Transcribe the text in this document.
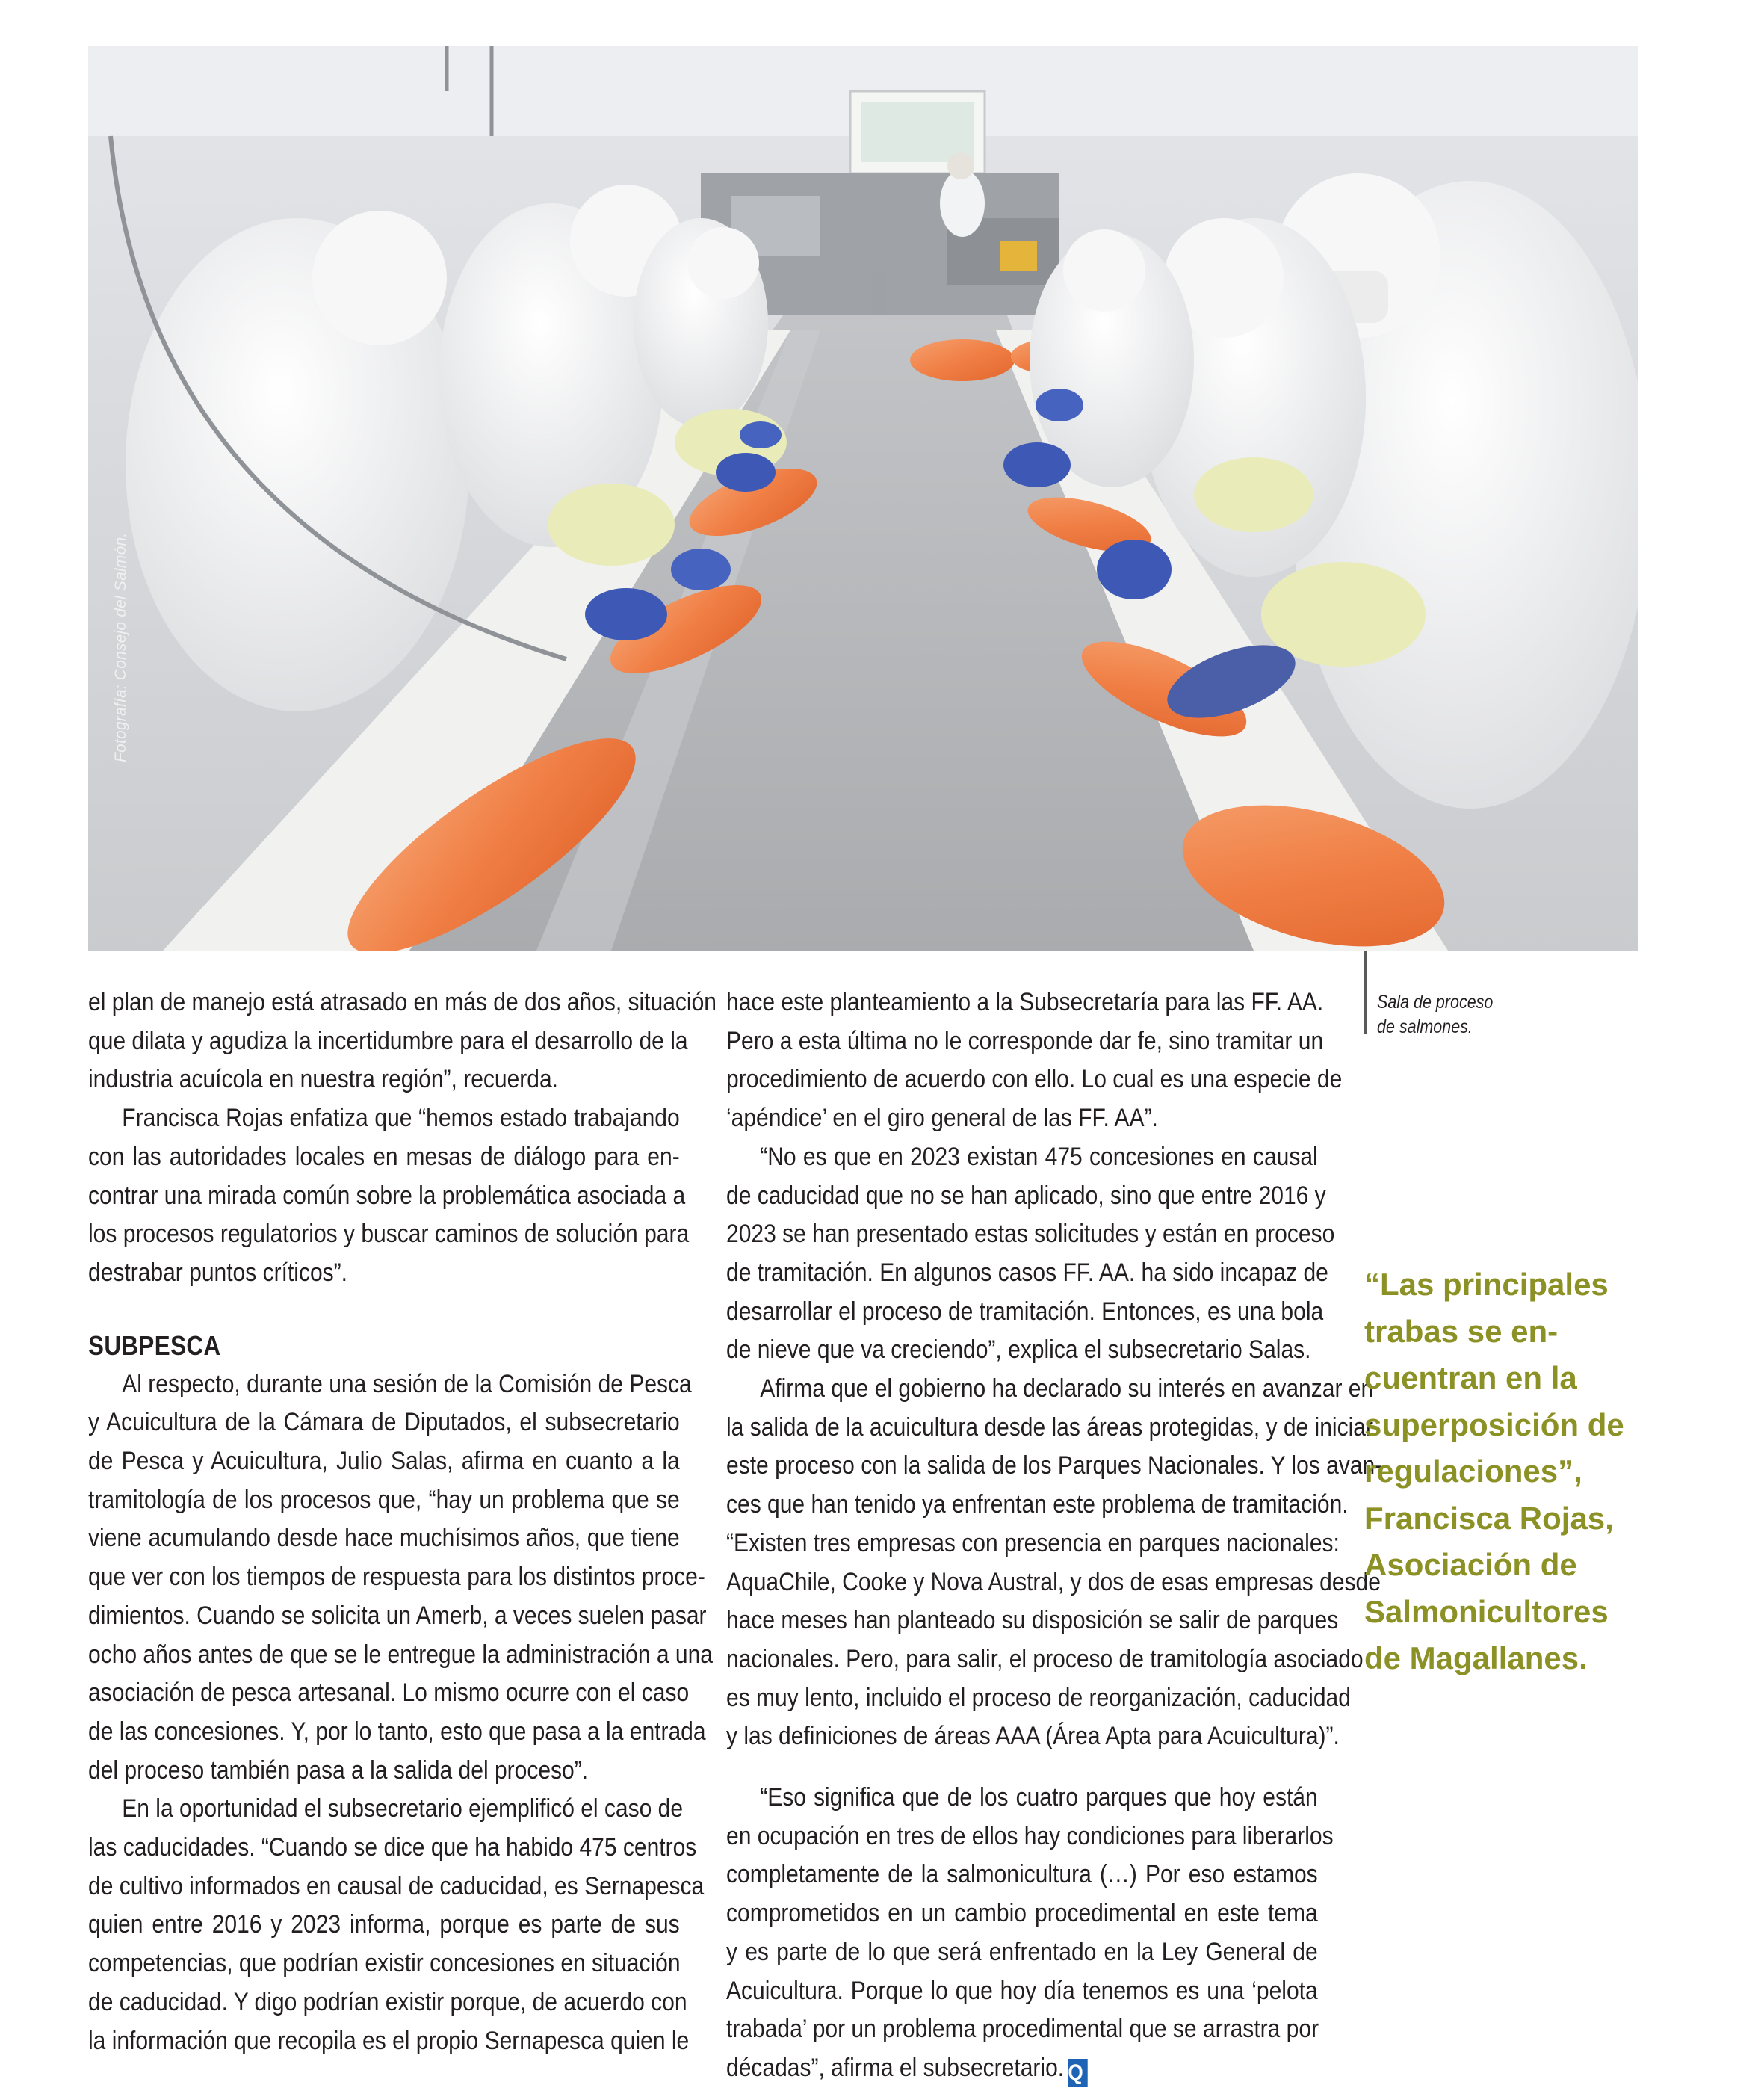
Fotografía: Consejo del Salmón.
Sala de proceso
de salmones.
el plan de manejo está atrasado en más de dos años, situación
que dilata y agudiza la incertidumbre para el desarrollo de la
industria acuícola en nuestra región”, recuerda.
Francisca Rojas enfatiza que “hemos estado trabajando
con las autoridades locales en mesas de diálogo para en-
contrar una mirada común sobre la problemática asociada a
los procesos regulatorios y buscar caminos de solución para
destrabar puntos críticos”.
SUBPESCA
Al respecto, durante una sesión de la Comisión de Pesca
y Acuicultura de la Cámara de Diputados, el subsecretario
de Pesca y Acuicultura, Julio Salas, afirma en cuanto a la
tramitología de los procesos que, “hay un problema que se
viene acumulando desde hace muchísimos años, que tiene
que ver con los tiempos de respuesta para los distintos proce-
dimientos. Cuando se solicita un Amerb, a veces suelen pasar
ocho años antes de que se le entregue la administración a una
asociación de pesca artesanal. Lo mismo ocurre con el caso
de las concesiones. Y, por lo tanto, esto que pasa a la entrada
del proceso también pasa a la salida del proceso”.
En la oportunidad el subsecretario ejemplificó el caso de
las caducidades. “Cuando se dice que ha habido 475 centros
de cultivo informados en causal de caducidad, es Sernapesca
quien entre 2016 y 2023 informa, porque es parte de sus
competencias, que podrían existir concesiones en situación
de caducidad. Y digo podrían existir porque, de acuerdo con
la información que recopila es el propio Sernapesca quien le
hace este planteamiento a la Subsecretaría para las FF. AA.
Pero a esta última no le corresponde dar fe, sino tramitar un
procedimiento de acuerdo con ello. Lo cual es una especie de
‘apéndice’ en el giro general de las FF. AA”.
“No es que en 2023 existan 475 concesiones en causal
de caducidad que no se han aplicado, sino que entre 2016 y
2023 se han presentado estas solicitudes y están en proceso
de tramitación. En algunos casos FF. AA. ha sido incapaz de
desarrollar el proceso de tramitación. Entonces, es una bola
de nieve que va creciendo”, explica el subsecretario Salas.
Afirma que el gobierno ha declarado su interés en avanzar en
la salida de la acuicultura desde las áreas protegidas, y de iniciar
este proceso con la salida de los Parques Nacionales. Y los avan-
ces que han tenido ya enfrentan este problema de tramitación.
“Existen tres empresas con presencia en parques nacionales:
AquaChile, Cooke y Nova Austral, y dos de esas empresas desde
hace meses han planteado su disposición se salir de parques
nacionales. Pero, para salir, el proceso de tramitología asociado
es muy lento, incluido el proceso de reorganización, caducidad
y las definiciones de áreas AAA (Área Apta para Acuicultura)”.
“Eso significa que de los cuatro parques que hoy están
en ocupación en tres de ellos hay condiciones para liberarlos
completamente de la salmonicultura (…) Por eso estamos
comprometidos en un cambio procedimental en este tema
y es parte de lo que será enfrentado en la Ley General de
Acuicultura. Porque lo que hoy día tenemos es una ‘pelota
trabada’ por un problema procedimental que se arrastra por
décadas”, afirma el subsecretario. Q
“Las principales
trabas se en-
cuentran en la
superposición de
regulaciones”,
Francisca Rojas,
Asociación de
Salmonicultores
de Magallanes.
